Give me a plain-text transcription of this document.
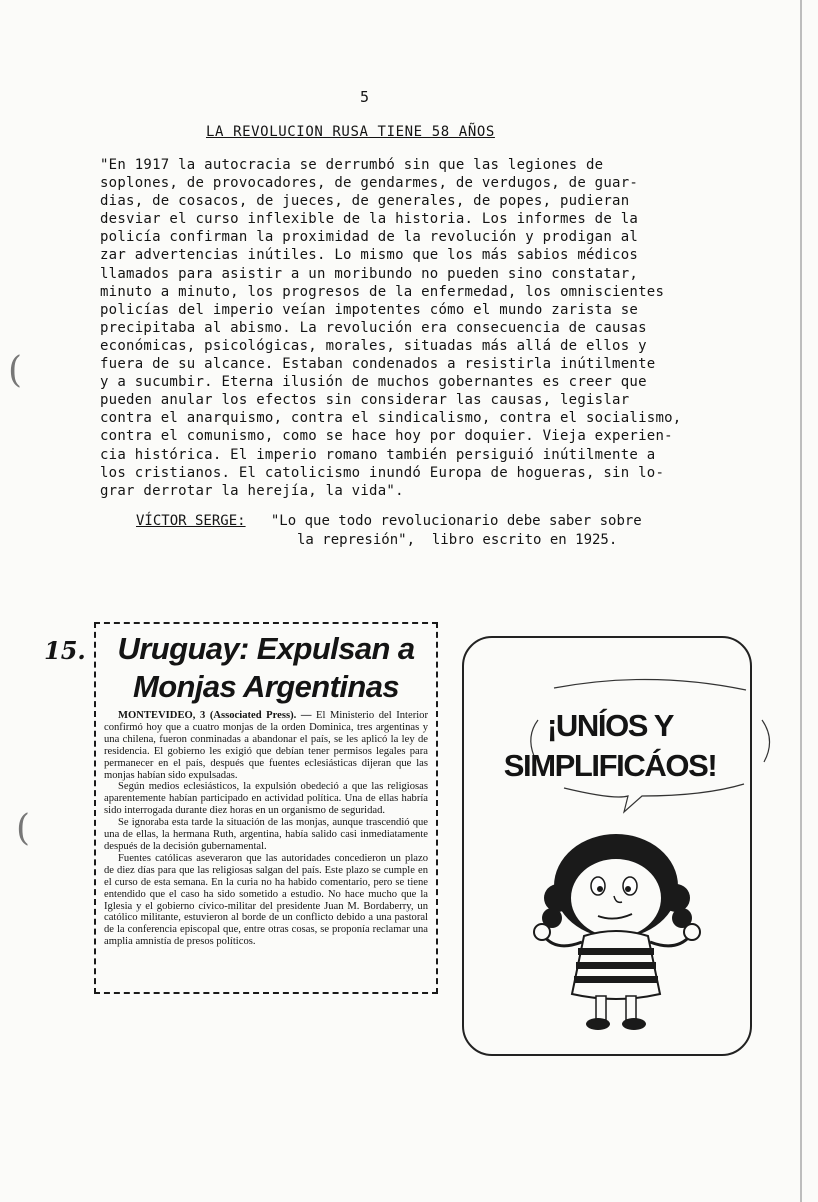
5
LA REVOLUCION RUSA TIENE 58 AÑOS
"En 1917 la autocracia se derrumbó sin que las legiones de
soplones, de provocadores, de gendarmes, de verdugos, de guar-
dias, de cosacos, de jueces, de generales, de popes, pudieran
desviar el curso inflexible de la historia. Los informes de la
policía confirman la proximidad de la revolución y prodigan al
zar advertencias inútiles. Lo mismo que los más sabios médicos
llamados para asistir a un moribundo no pueden sino constatar,
minuto a minuto, los progresos de la enfermedad, los omniscientes
policías del imperio veían impotentes cómo el mundo zarista se
precipitaba al abismo. La revolución era consecuencia de causas
económicas, psicológicas, morales, situadas más allá de ellos y
fuera de su alcance. Estaban condenados a resistirla inútilmente
y a sucumbir. Eterna ilusión de muchos gobernantes es creer que
pueden anular los efectos sin considerar las causas, legislar
contra el anarquismo, contra el sindicalismo, contra el socialismo,
contra el comunismo, como se hace hoy por doquier. Vieja experien-
cia histórica. El imperio romano también persiguió inútilmente a
los cristianos. El catolicismo inundó Europa de hogueras, sin lo-
grar derrotar la herejía, la vida".
VÍCTOR SERGE: "Lo que todo revolucionario debe saber sobre
la represión",  libro escrito en 1925.
(
(
15.	Uruguay: Expulsan a
Monjas Argentinas

MONTEVIDEO, 3 (Associated Press). — El Ministerio del Interior confirmó hoy que a cuatro monjas de la orden Dominica, tres argentinas y una chilena, fueron conminadas a abandonar el país, se les aplicó la ley de residencia. El gobierno les exigió que debían tener permisos legales para permanecer en el país, después que fuentes eclesiásticas dijeran que las monjas habían sido expulsadas.

Según medios eclesiásticos, la expulsión obedeció a que las religiosas aparentemente habían participado en actividad política. Una de ellas habría sido interrogada durante diez horas en un organismo de seguridad.

Se ignoraba esta tarde la situación de las monjas, aunque trascendió que una de ellas, la hermana Ruth, argentina, había salido casi inmediatamente después de la decisión gubernamental.

Fuentes católicas aseveraron que las autoridades concedieron un plazo de diez días para que las religiosas salgan del país. Este plazo se cumple en el curso de esta semana. En la curia no ha habido comentario, pero se tiene entendido que el caso ha sido sometido a estudio. No hace mucho que la Iglesia y el gobierno cívico-militar del presidente Juan M. Bordaberry, un católico militante, estuvieron al borde de un conflicto debido a una pastoral de la conferencia episcopal que, entre otras cosas, se proponía reclamar una amplia amnistía de presos políticos.

¡UNÍOS Y
SIMPLIFICÁOS!
